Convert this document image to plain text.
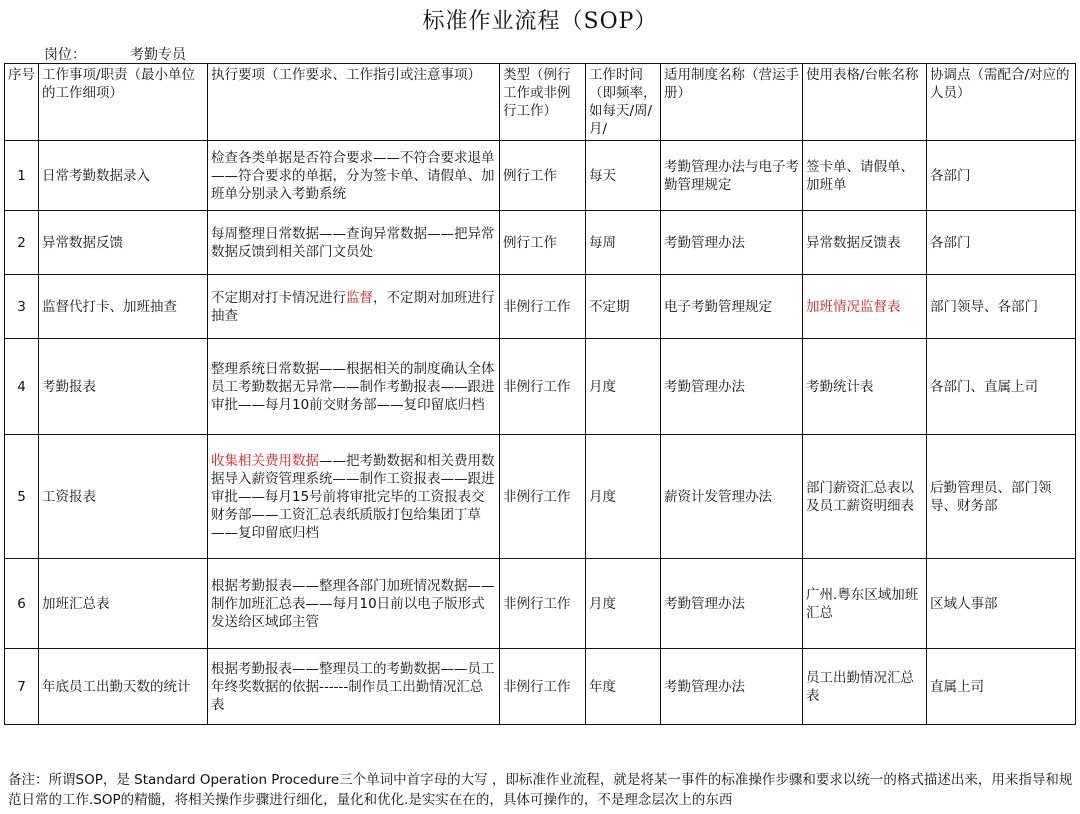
标准作业流程（SOP）
岗位：	考勤专员
序号	工作事项/职责（最小单位的工作细项）	执行要项（工作要求、工作指引或注意事项）	类型（例行工作或非例行工作）	工作时间（即频率，如每天/周/月/	适用制度名称（营运手册）	使用表格/台帐名称	协调点（需配合/对应的人员）
1	日常考勤数据录入	检查各类单据是否符合要求——不符合要求退单——符合要求的单据，分为签卡单、请假单、加班单分别录入考勤系统	例行工作	每天	考勤管理办法与电子考勤管理规定	签卡单、请假单、加班单	各部门
2	异常数据反馈	每周整理日常数据——查询异常数据——把异常数据反馈到相关部门文员处	例行工作	每周	考勤管理办法	异常数据反馈表	各部门
3	监督代打卡、加班抽查	不定期对打卡情况进行监督，不定期对加班进行抽查	非例行工作	不定期	电子考勤管理规定	加班情况监督表	部门领导、各部门
4	考勤报表	整理系统日常数据——根据相关的制度确认全体员工考勤数据无异常——制作考勤报表——跟进审批——每月10前交财务部——复印留底归档	非例行工作	月度	考勤管理办法	考勤统计表	各部门、直属上司
5	工资报表	收集相关费用数据——把考勤数据和相关费用数据导入薪资管理系统——制作工资报表——跟进审批——每月15号前将审批完毕的工资报表交财务部——工资汇总表纸质版打包给集团丁草——复印留底归档	非例行工作	月度	薪资计发管理办法	部门薪资汇总表以及员工薪资明细表	后勤管理员、部门领导、财务部
6	加班汇总表	根据考勤报表——整理各部门加班情况数据——制作加班汇总表——每月10日前以电子版形式发送给区域邱主管	非例行工作	月度	考勤管理办法	广州.粤东区域加班汇总	区域人事部
7	年底员工出勤天数的统计	根据考勤报表——整理员工的考勤数据——员工年终奖数据的依据------制作员工出勤情况汇总表	非例行工作	年度	考勤管理办法	员工出勤情况汇总表	直属上司
备注：所谓SOP，是 Standard Operation Procedure三个单词中首字母的大写 ，即标准作业流程，就是将某一事件的标准操作步骤和要求以统一的格式描述出来，用来指导和规范日常的工作.SOP的精髓，将相关操作步骤进行细化，量化和优化.是实实在在的，具体可操作的，不是理念层次上的东西
